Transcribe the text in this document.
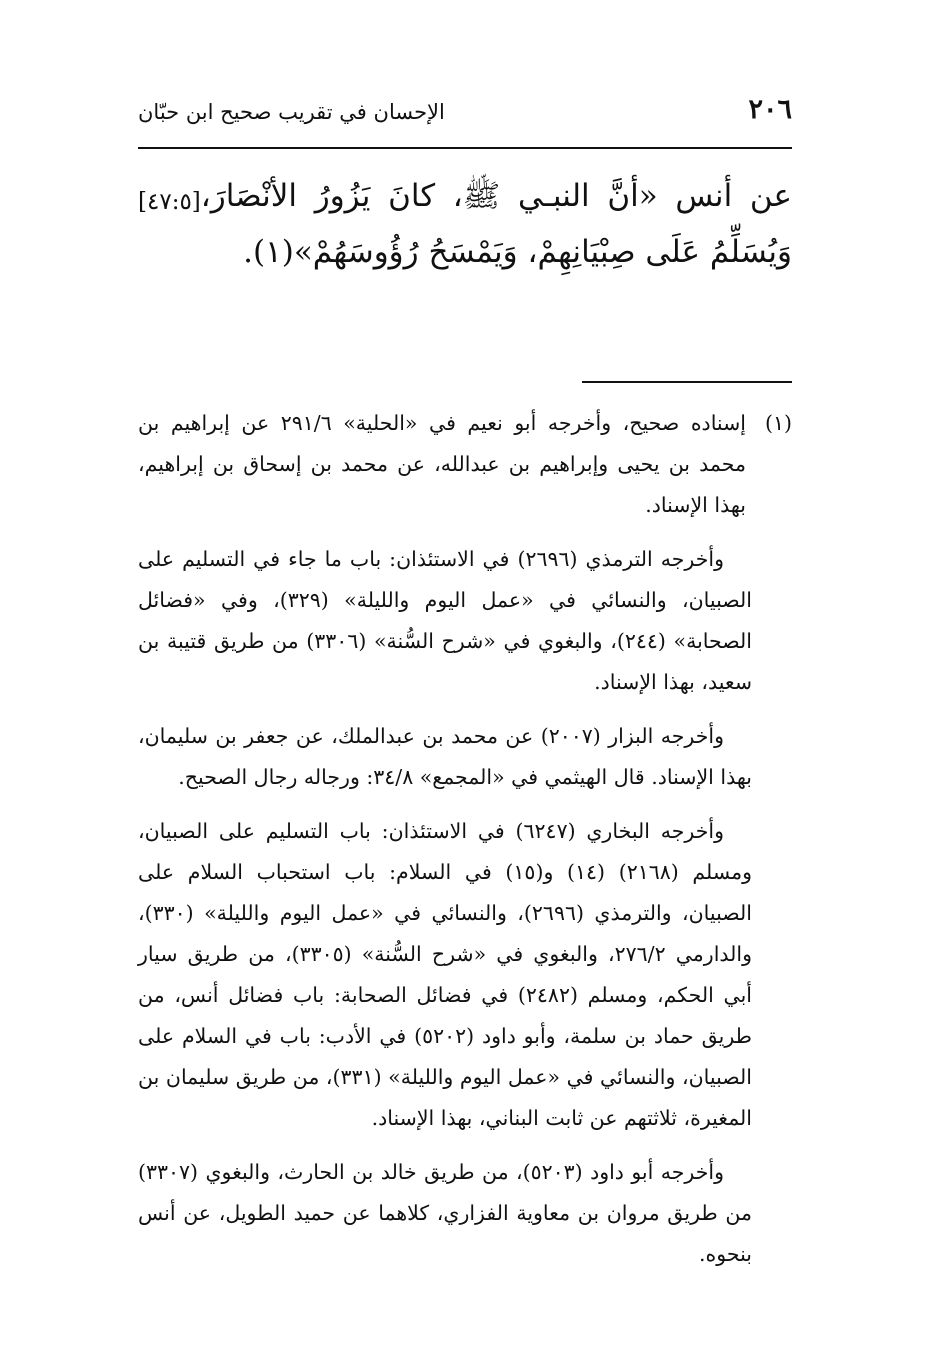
٢٠٦
الإحسان في تقريب صحيح ابن حبّان
[٤٧:٥] عن أنس «أنَّ النبـي ﷺ، كانَ يَزُورُ الأنْصَارَ، وَيُسَلِّمُ عَلَى صِبْيَانِهِمْ، وَيَمْسَحُ رُؤُوسَهُمْ»(١).
(١)
إسناده صحيح، وأخرجه أبو نعيم في «الحلية» ٢٩١/٦ عن إبراهيم بن محمد بن يحيى وإبراهيم بن عبدالله، عن محمد بن إسحاق بن إبراهيم، بهذا الإسناد.
وأخرجه الترمذي (٢٦٩٦) في الاستئذان: باب ما جاء في التسليم على الصبيان، والنسائي في «عمل اليوم والليلة» (٣٢٩)، وفي «فضائل الصحابة» (٢٤٤)، والبغوي في «شرح السُّنة» (٣٣٠٦) من طريق قتيبة بن سعيد، بهذا الإسناد.
وأخرجه البزار (٢٠٠٧) عن محمد بن عبدالملك، عن جعفر بن سليمان، بهذا الإسناد. قال الهيثمي في «المجمع» ٣٤/٨: ورجاله رجال الصحيح.
وأخرجه البخاري (٦٢٤٧) في الاستئذان: باب التسليم على الصبيان، ومسلم (٢١٦٨) (١٤) و(١٥) في السلام: باب استحباب السلام على الصبيان، والترمذي (٢٦٩٦)، والنسائي في «عمل اليوم والليلة» (٣٣٠)، والدارمي ٢٧٦/٢، والبغوي في «شرح السُّنة» (٣٣٠٥)، من طريق سيار أبي الحكم، ومسلم (٢٤٨٢) في فضائل الصحابة: باب فضائل أنس، من طريق حماد بن سلمة، وأبو داود (٥٢٠٢) في الأدب: باب في السلام على الصبيان، والنسائي في «عمل اليوم والليلة» (٣٣١)، من طريق سليمان بن المغيرة، ثلاثتهم عن ثابت البناني، بهذا الإسناد.
وأخرجه أبو داود (٥٢٠٣)، من طريق خالد بن الحارث، والبغوي (٣٣٠٧) من طريق مروان بن معاوية الفزاري، كلاهما عن حميد الطويل، عن أنس بنحوه.
